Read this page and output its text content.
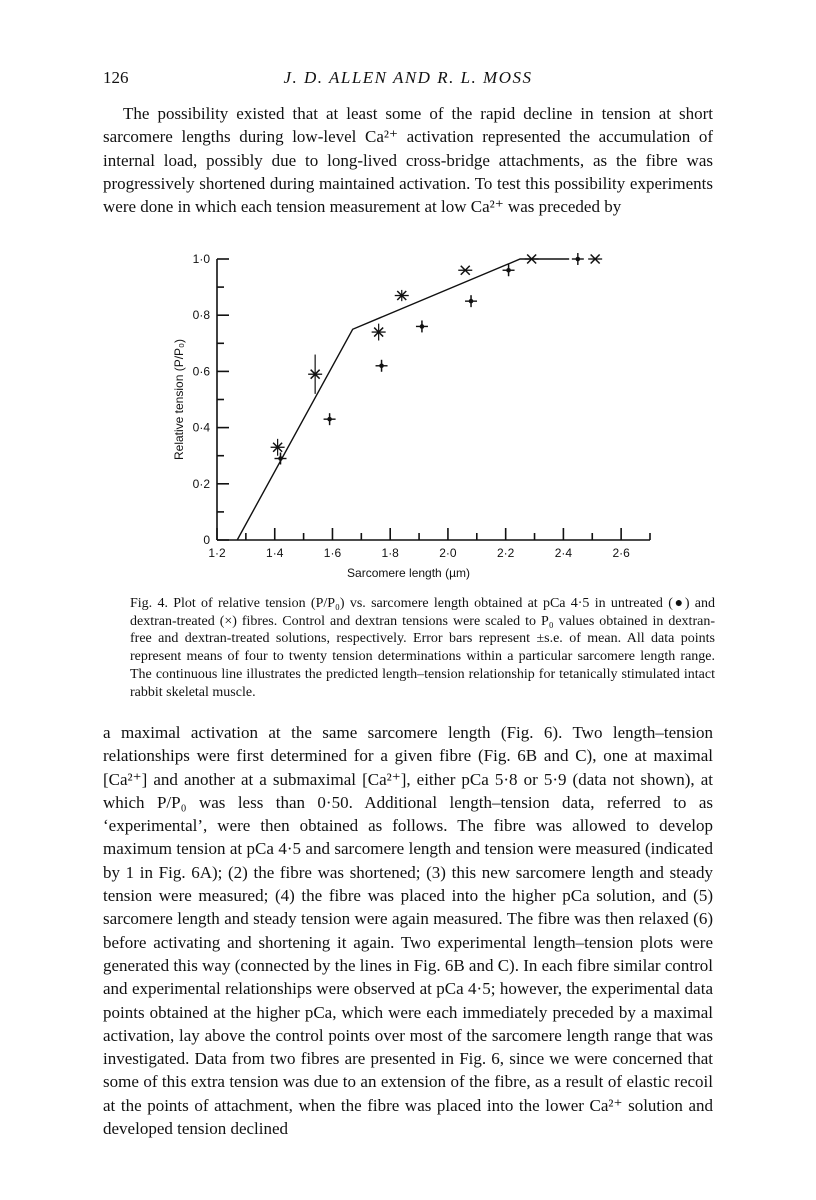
126	J. D. ALLEN AND R. L. MOSS

The possibility existed that at least some of the rapid decline in tension at short sarcomere lengths during low-level Ca²⁺ activation represented the accumulation of internal load, possibly due to long-lived cross-bridge attachments, as the fibre was progressively shortened during maintained activation. To test this possibility experiments were done in which each tension measurement at low Ca²⁺ was preceded by

0
0·2
0·4
0·6
0·8
1·0
1·2	1·4	1·6	1·8	2·0	2·2	2·4	2·6
Sarcomere length (µm)
Relative tension (P/P₀)

Fig. 4. Plot of relative tension (P/P₀) vs. sarcomere length obtained at pCa 4·5 in untreated (●) and dextran-treated (×) fibres. Control and dextran tensions were scaled to P₀ values obtained in dextran-free and dextran-treated solutions, respectively. Error bars represent ±s.e. of mean. All data points represent means of four to twenty tension determinations within a particular sarcomere length range. The continuous line illustrates the predicted length–tension relationship for tetanically stimulated intact rabbit skeletal muscle.

a maximal activation at the same sarcomere length (Fig. 6). Two length–tension relationships were first determined for a given fibre (Fig. 6B and C), one at maximal [Ca²⁺] and another at a submaximal [Ca²⁺], either pCa 5·8 or 5·9 (data not shown), at which P/P₀ was less than 0·50. Additional length–tension data, referred to as ‘experimental’, were then obtained as follows. The fibre was allowed to develop maximum tension at pCa 4·5 and sarcomere length and tension were measured (indicated by 1 in Fig. 6A); (2) the fibre was shortened; (3) this new sarcomere length and steady tension were measured; (4) the fibre was placed into the higher pCa solution, and (5) sarcomere length and steady tension were again measured. The fibre was then relaxed (6) before activating and shortening it again. Two experimental length–tension plots were generated this way (connected by the lines in Fig. 6B and C). In each fibre similar control and experimental relationships were observed at pCa 4·5; however, the experimental data points obtained at the higher pCa, which were each immediately preceded by a maximal activation, lay above the control points over most of the sarcomere length range that was investigated. Data from two fibres are presented in Fig. 6, since we were concerned that some of this extra tension was due to an extension of the fibre, as a result of elastic recoil at the points of attachment, when the fibre was placed into the lower Ca²⁺ solution and developed tension declined
